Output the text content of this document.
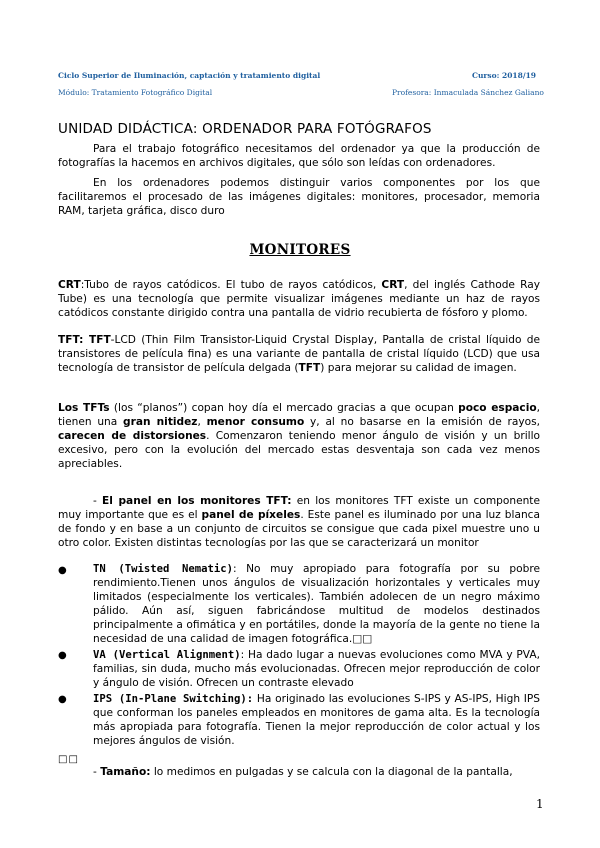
Ciclo Superior de Iluminación, captación y tratamiento digital	Curso: 2018/19
Módulo: Tratamiento Fotográfico Digital	Profesora: Inmaculada Sánchez Galiano
UNIDAD DIDÁCTICA: ORDENADOR PARA FOTÓGRAFOS
Para el trabajo fotográfico necesitamos del ordenador ya que la producción de fotografías la hacemos en archivos digitales, que sólo son leídas con ordenadores.
En los ordenadores podemos distinguir varios componentes por los que facilitaremos el procesado de las imágenes digitales: monitores, procesador, memoria RAM, tarjeta gráfica, disco duro
MONITORES
CRT:Tubo de rayos catódicos. El tubo de rayos catódicos, CRT, del inglés Cathode Ray Tube) es una tecnología que permite visualizar imágenes mediante un haz de rayos catódicos constante dirigido contra una pantalla de vidrio recubierta de fósforo y plomo.
TFT: TFT-LCD (Thin Film Transistor-Liquid Crystal Display, Pantalla de cristal líquido de transistores de película fina) es una variante de pantalla de cristal líquido (LCD) que usa tecnología de transistor de película delgada (TFT) para mejorar su calidad de imagen.
Los TFTs (los “planos”) copan hoy día el mercado gracias a que ocupan poco espacio, tienen una gran nitidez, menor consumo y, al no basarse en la emisión de rayos, carecen de distorsiones. Comenzaron teniendo menor ángulo de visión y un brillo excesivo, pero con la evolución del mercado estas desventaja son cada vez menos apreciables.
- El panel en los monitores TFT: en los monitores TFT existe un componente muy importante que es el panel de píxeles. Este panel es iluminado por una luz blanca de fondo y en base a un conjunto de circuitos se consigue que cada pixel muestre uno u otro color. Existen distintas tecnologías por las que se caracterizará un monitor
● TN (Twisted Nematic): No muy apropiado para fotografía por su pobre rendimiento.Tienen unos ángulos de visualización horizontales y verticales muy limitados (especialmente los verticales). También adolecen de un negro máximo pálido. Aún así, siguen fabricándose multitud de modelos destinados principalmente a ofimática y en portátiles, donde la mayoría de la gente no tiene la necesidad de una calidad de imagen fotográfica.□□
● VA (Vertical Alignment): Ha dado lugar a nuevas evoluciones como MVA y PVA, familias, sin duda, mucho más evolucionadas. Ofrecen mejor reproducción de color y ángulo de visión. Ofrecen un contraste elevado
● IPS (In-Plane Switching): Ha originado las evoluciones S-IPS y AS-IPS, High IPS que conforman los paneles empleados en monitores de gama alta. Es la tecnología más apropiada para fotografía. Tienen la mejor reproducción de color actual y los mejores ángulos de visión.
□□
- Tamaño: lo medimos en pulgadas y se calcula con la diagonal de la pantalla,
1
